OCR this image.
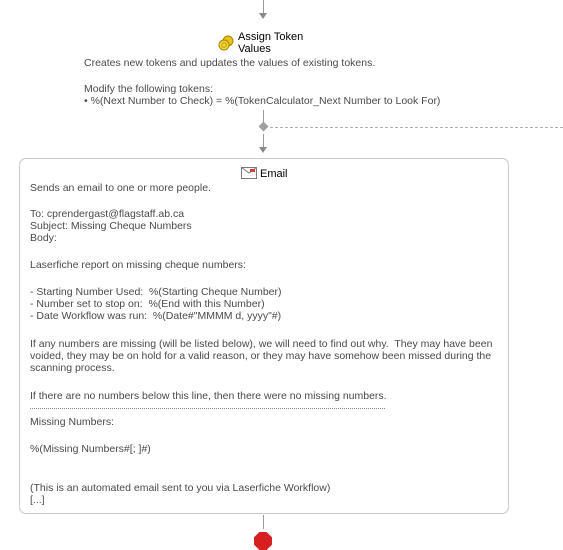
Assign Token
Values
Creates new tokens and updates the values of existing tokens.
Modify the following tokens:
• %(Next Number to Check) = %(TokenCalculator_Next Number to Look For)
Email
Sends an email to one or more people.
To: cprendergast@flagstaff.ab.ca
Subject: Missing Cheque Numbers
Body:
Laserfiche report on missing cheque numbers:
- Starting Number Used:  %(Starting Cheque Number)
- Number set to stop on:  %(End with this Number)
- Date Workflow was run:  %(Date#"MMMM d, yyyy"#)
If any numbers are missing (will be listed below), we will need to find out why.  They may have been
voided, they may be on hold for a valid reason, or they may have somehow been missed during the
scanning process.
If there are no numbers below this line, then there were no missing numbers.
Missing Numbers:
%(Missing Numbers#[; ]#)
(This is an automated email sent to you via Laserfiche Workflow)
[...]
